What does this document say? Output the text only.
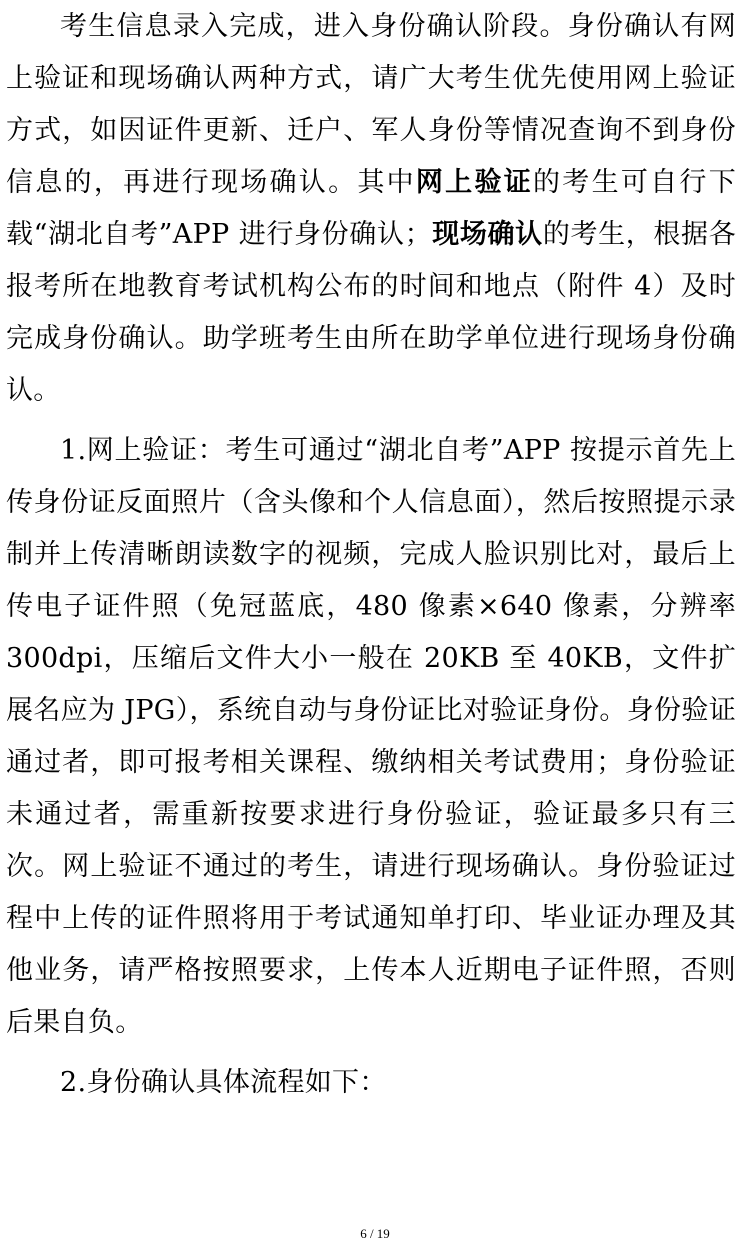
考生信息录入完成，进入身份确认阶段。身份确认有网上验证和现场确认两种方式，请广大考生优先使用网上验证方式，如因证件更新、迁户、军人身份等情况查询不到身份信息的，再进行现场确认。其中网上验证的考生可自行下载“湖北自考”APP 进行身份确认；现场确认的考生，根据各报考所在地教育考试机构公布的时间和地点（附件 4）及时完成身份确认。助学班考生由所在助学单位进行现场身份确认。

1.网上验证：考生可通过“湖北自考”APP 按提示首先上传身份证反面照片（含头像和个人信息面），然后按照提示录制并上传清晰朗读数字的视频，完成人脸识别比对，最后上传电子证件照（免冠蓝底，480 像素×640 像素，分辨率 300dpi，压缩后文件大小一般在 20KB 至 40KB，文件扩展名应为 JPG），系统自动与身份证比对验证身份。身份验证通过者，即可报考相关课程、缴纳相关考试费用；身份验证未通过者，需重新按要求进行身份验证，验证最多只有三次。网上验证不通过的考生，请进行现场确认。身份验证过程中上传的证件照将用于考试通知单打印、毕业证办理及其他业务，请严格按照要求，上传本人近期电子证件照，否则后果自负。

2.身份确认具体流程如下：

6 / 19
